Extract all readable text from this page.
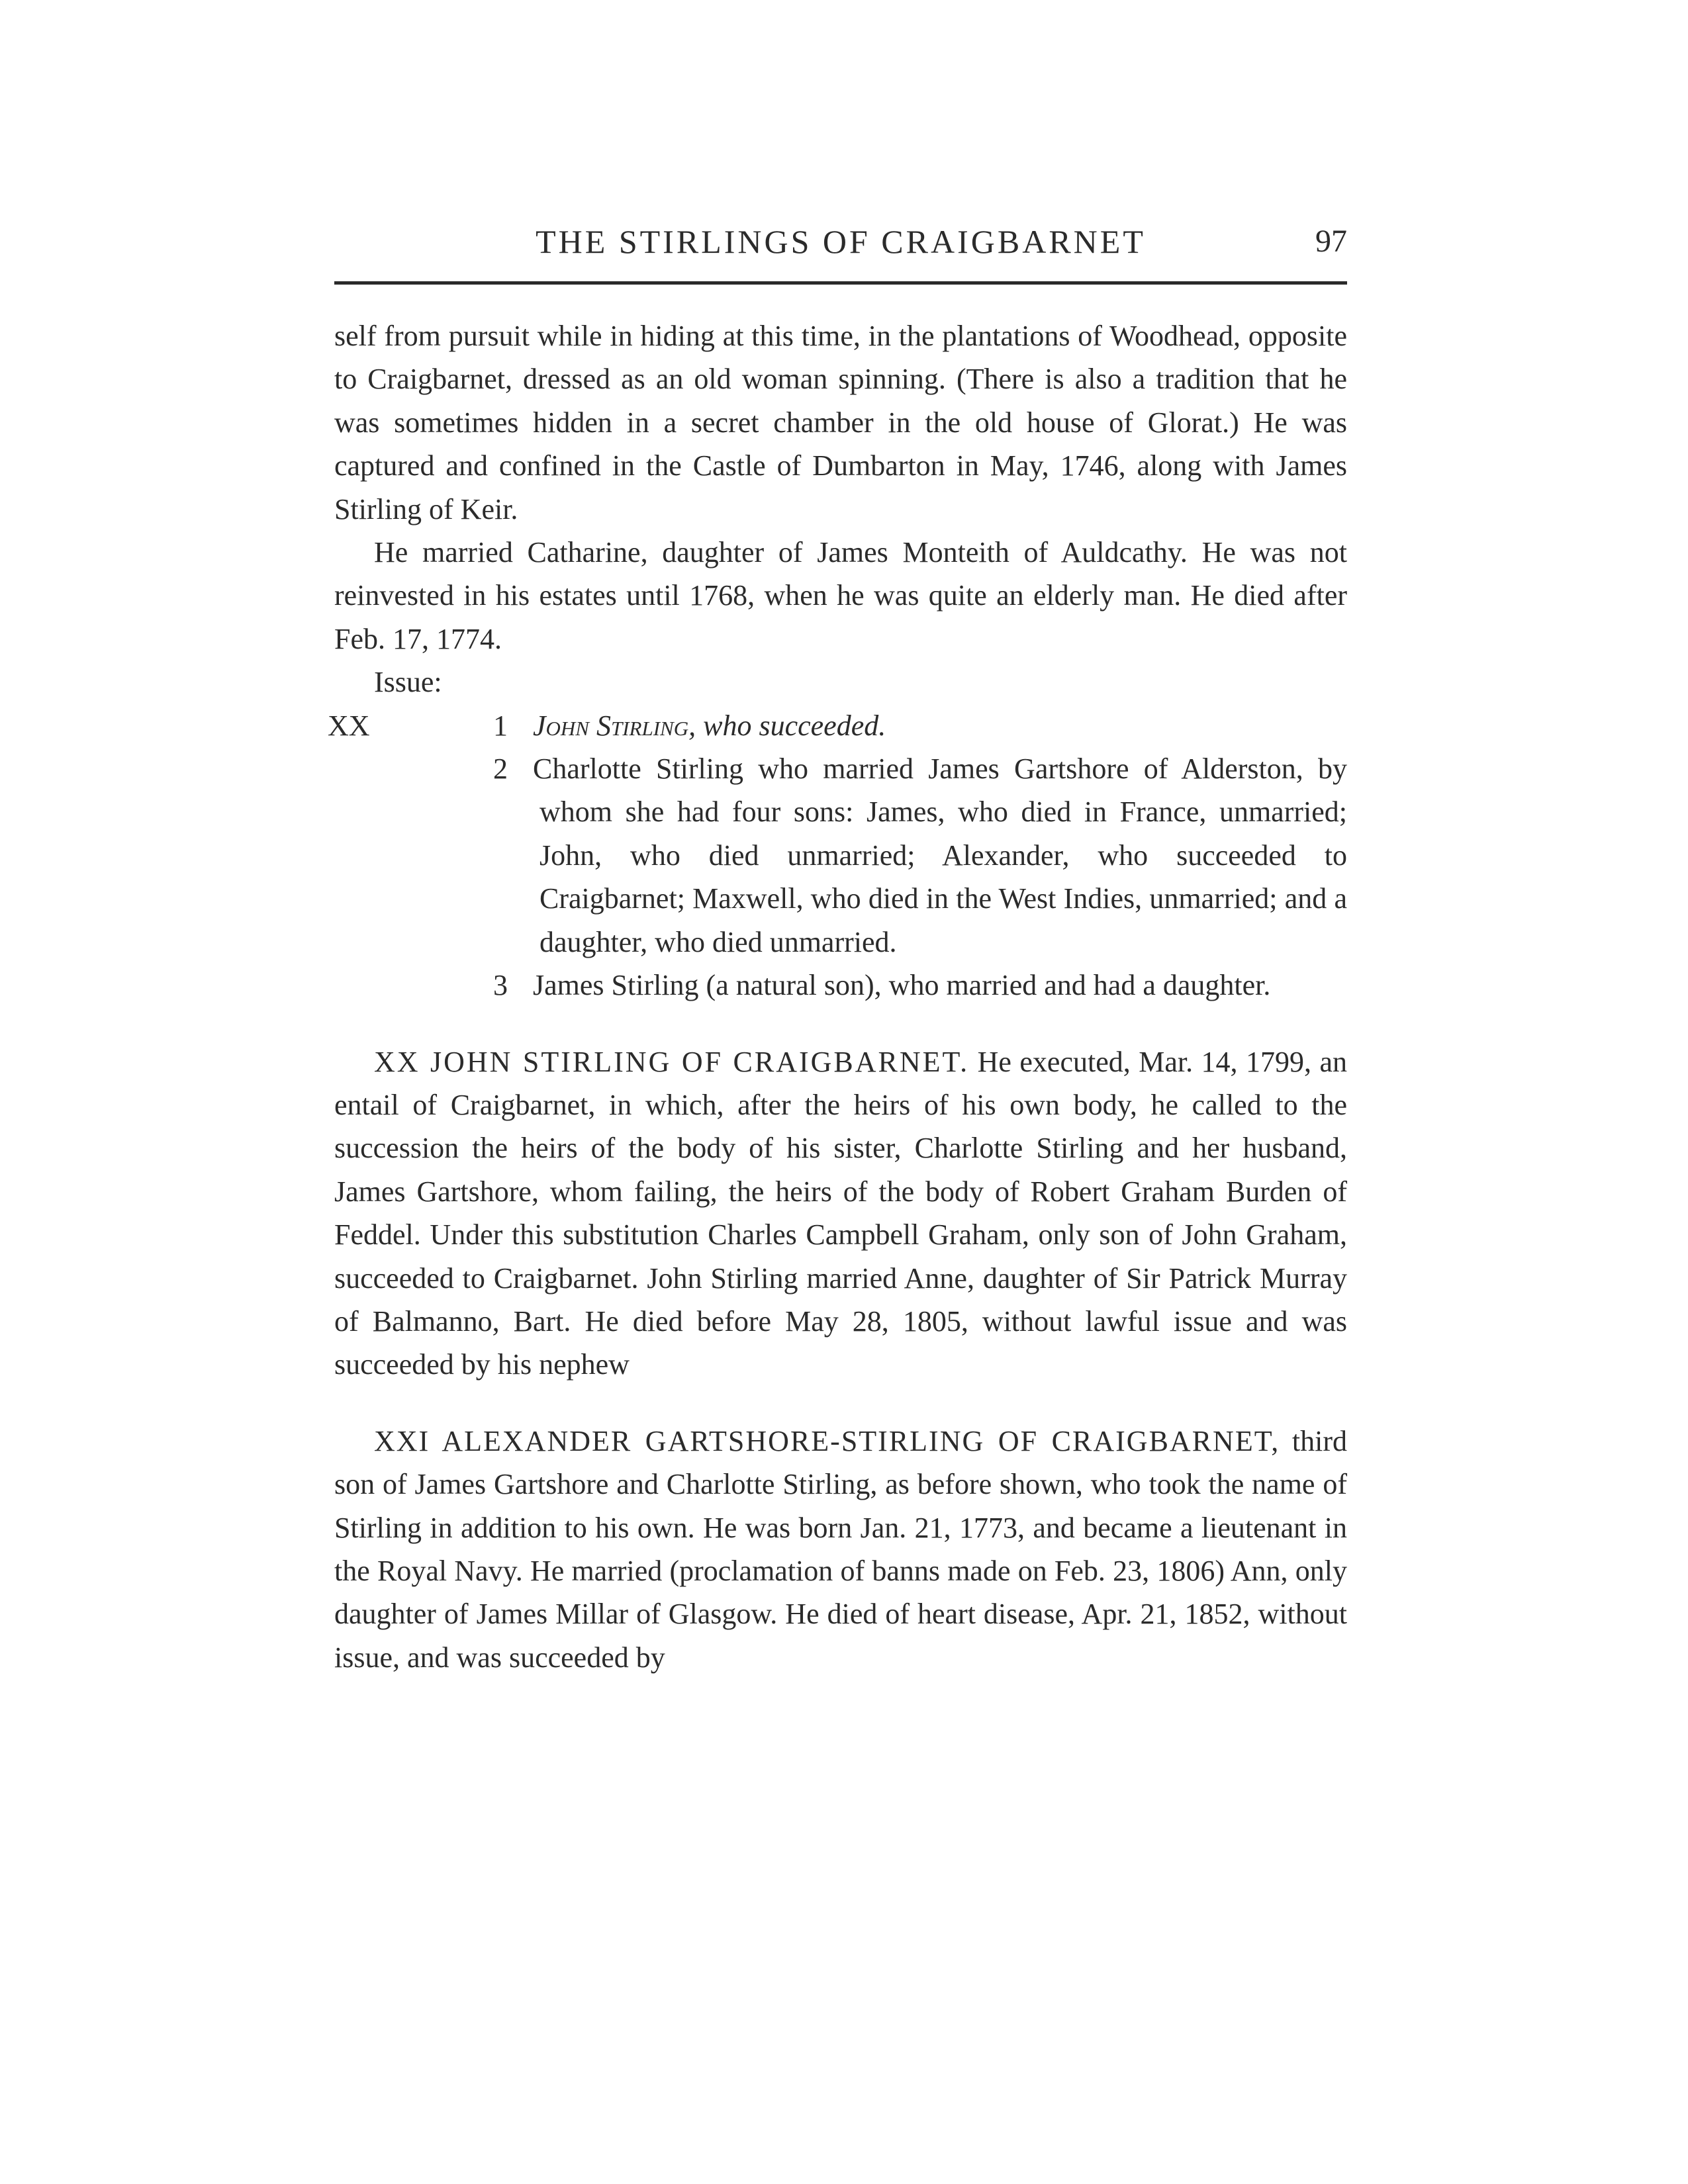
THE STIRLINGS OF CRAIGBARNET	97

self from pursuit while in hiding at this time, in the plantations of Woodhead, opposite to Craigbarnet, dressed as an old woman spinning. (There is also a tradition that he was sometimes hidden in a secret chamber in the old house of Glorat.) He was captured and confined in the Castle of Dumbarton in May, 1746, along with James Stirling of Keir.

He married Catharine, daughter of James Monteith of Auldcathy. He was not reinvested in his estates until 1768, when he was quite an elderly man. He died after Feb. 17, 1774.

Issue:

XX	1 John Stirling, who succeeded.
2 Charlotte Stirling who married James Gartshore of Alderston, by whom she had four sons: James, who died in France, unmarried; John, who died unmarried; Alexander, who succeeded to Craigbarnet; Maxwell, who died in the West Indies, unmarried; and a daughter, who died unmarried.
3 James Stirling (a natural son), who married and had a daughter.

XX JOHN STIRLING OF CRAIGBARNET. He executed, Mar. 14, 1799, an entail of Craigbarnet, in which, after the heirs of his own body, he called to the succession the heirs of the body of his sister, Charlotte Stirling and her husband, James Gartshore, whom failing, the heirs of the body of Robert Graham Burden of Feddel. Under this substitution Charles Campbell Graham, only son of John Graham, succeeded to Craigbarnet. John Stirling married Anne, daughter of Sir Patrick Murray of Balmanno, Bart. He died before May 28, 1805, without lawful issue and was succeeded by his nephew

XXI ALEXANDER GARTSHORE-STIRLING OF CRAIGBARNET, third son of James Gartshore and Charlotte Stirling, as before shown, who took the name of Stirling in addition to his own. He was born Jan. 21, 1773, and became a lieutenant in the Royal Navy. He married (proclamation of banns made on Feb. 23, 1806) Ann, only daughter of James Millar of Glasgow. He died of heart disease, Apr. 21, 1852, without issue, and was succeeded by
